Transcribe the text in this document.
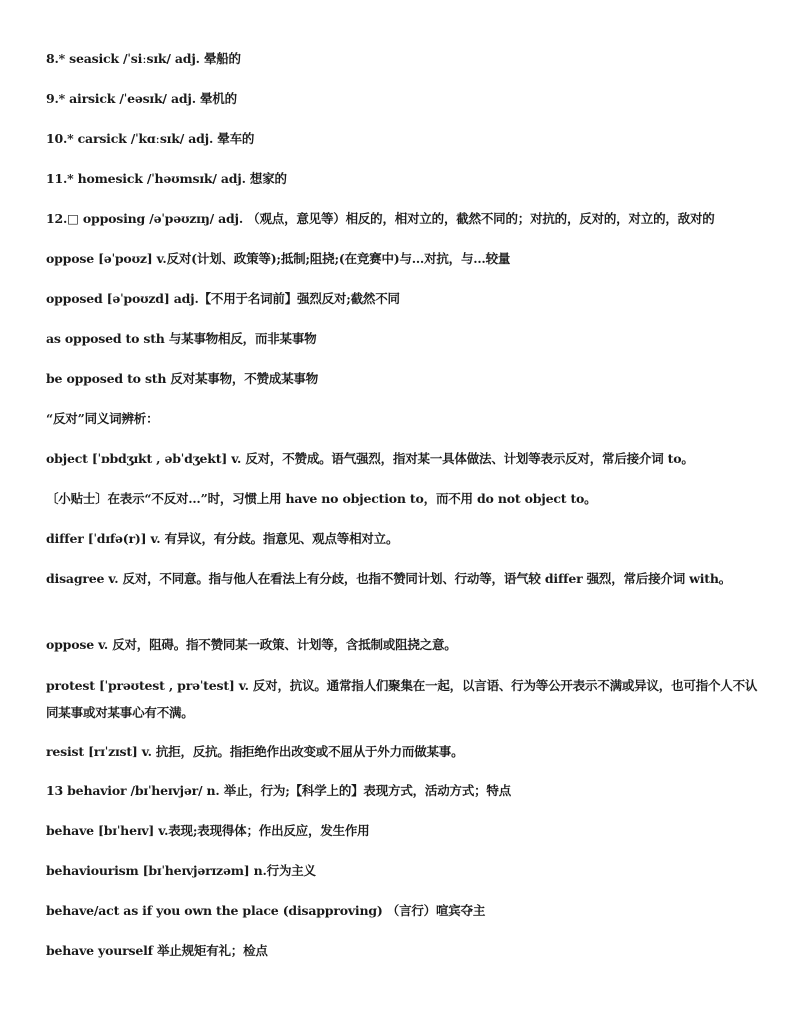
8.* seasick /ˈsiːsɪk/ adj. 晕船的
9.* airsick /ˈeəsɪk/ adj. 晕机的
10.* carsick /ˈkɑːsɪk/ adj. 晕车的
11.* homesick /ˈhəʊmsɪk/ adj. 想家的
12.□ opposing /əˈpəʊzɪŋ/ adj. （观点，意见等）相反的，相对立的，截然不同的；对抗的，反对的，对立的，敌对的
oppose [əˈpoʊz] v.反对(计划、政策等);抵制;阻挠;(在竞赛中)与…对抗，与…较量
opposed [əˈpoʊzd] adj.【不用于名词前】强烈反对;截然不同
as opposed to sth 与某事物相反，而非某事物
be opposed to sth 反对某事物，不赞成某事物
“反对”同义词辨析：
object [ˈɒbdʒɪkt , əbˈdʒekt] v. 反对，不赞成。语气强烈，指对某一具体做法、计划等表示反对，常后接介词 to。
〔小贴士〕在表示“不反对…”时，习惯上用 have no objection to，而不用 do not object to。
differ [ˈdɪfə(r)] v. 有异议，有分歧。指意见、观点等相对立。
disagree v. 反对，不同意。指与他人在看法上有分歧，也指不赞同计划、行动等，语气较 differ 强烈，常后接介词 with。
oppose v. 反对，阻碍。指不赞同某一政策、计划等，含抵制或阻挠之意。
protest [ˈprəʊtest , prəˈtest] v. 反对，抗议。通常指人们聚集在一起，以言语、行为等公开表示不满或异议，也可指个人不认同某事或对某事心有不满。
resist [rɪˈzɪst] v. 抗拒，反抗。指拒绝作出改变或不屈从于外力而做某事。
13 behavior /bɪˈheɪvjər/ n. 举止，行为;【科学上的】表现方式，活动方式；特点
behave [bɪˈheɪv] v.表现;表现得体；作出反应，发生作用
behaviourism [bɪˈheɪvjərɪzəm] n.行为主义
behave/act as if you own the place (disapproving) （言行）喧宾夺主
behave yourself 举止规矩有礼；检点
